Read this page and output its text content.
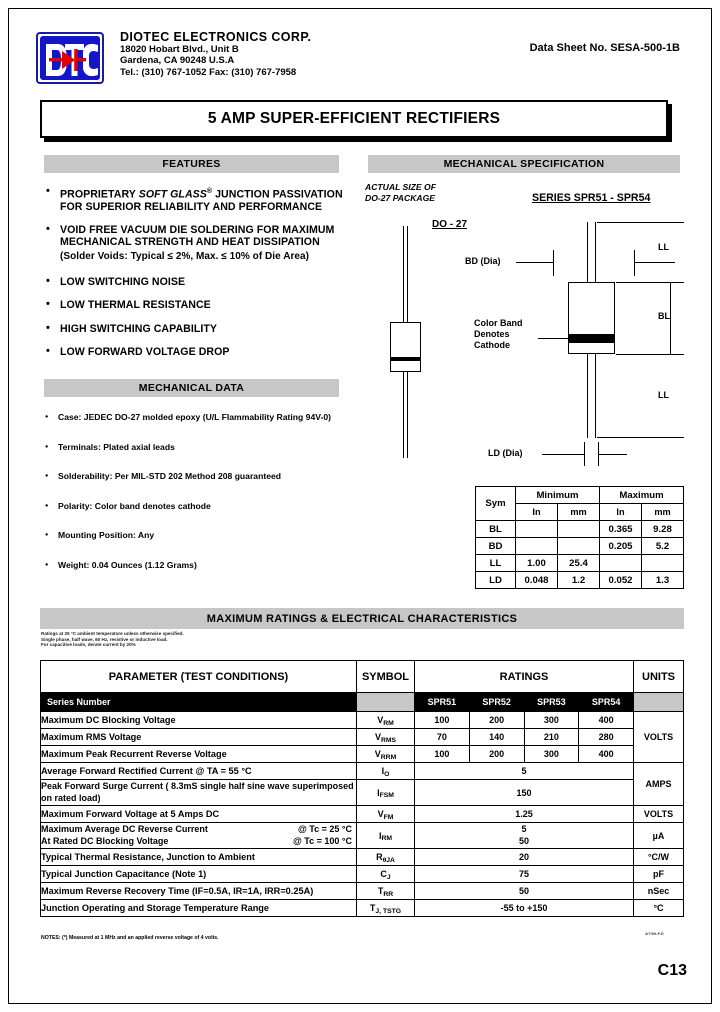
DIOTEC ELECTRONICS CORP.
18020 Hobart Blvd., Unit B
Gardena, CA 90248 U.S.A
Tel.: (310) 767-1052 Fax: (310) 767-7958
Data Sheet No. SESA-500-1B
5 AMP SUPER-EFFICIENT RECTIFIERS
FEATURES	MECHANICAL SPECIFICATION
MECHANICAL DATA
MAXIMUM RATINGS & ELECTRICAL CHARACTERISTICS
• PROPRIETARY SOFT GLASS® JUNCTION PASSIVATION FOR SUPERIOR RELIABILITY AND PERFORMANCE
• VOID FREE VACUUM DIE SOLDERING FOR MAXIMUM MECHANICAL STRENGTH AND HEAT DISSIPATION
(Solder Voids: Typical ≤ 2%, Max. ≤ 10% of Die Area)
• LOW SWITCHING NOISE
• LOW THERMAL RESISTANCE
• HIGH SWITCHING CAPABILITY
• LOW FORWARD VOLTAGE DROP
● Case: JEDEC DO-27 molded epoxy (U/L Flammability Rating 94V-0)
● Terminals: Plated axial leads
● Solderability: Per MIL-STD 202 Method 208 guaranteed
● Polarity: Color band denotes cathode
● Mounting Position: Any
● Weight: 0.04 Ounces (1.12 Grams)
ACTUAL SIZE OF
DO-27 PACKAGE	SERIES SPR51 - SPR54
DO - 27
LL
BL
LL
BD (Dia)
LD (Dia)
Color Band
Denotes
Cathode
Sym	Minimum		Maximum	
	In	mm	In	mm
BL			0.365	9.28
BD			0.205	5.2
LL	1.00	25.4		
LD	0.048	1.2	0.052	1.3
Ratings at 25 °C ambient temperature unless otherwise specified.
Single phase, half wave, 60 Hz, resistive or inductive load.
For capacitive loads, derate current by 20%
PARAMETER (TEST CONDITIONS)	SYMBOL	RATINGS				UNITS
Series Number		SPR51	SPR52	SPR53	SPR54	
Maximum DC Blocking Voltage	VRM	100	200	300	400	VOLTS
Maximum RMS Voltage	VRMS	70	140	210	280	
Maximum Peak Recurrent Reverse Voltage	VRRM	100	200	300	400	
Average Forward Rectified Current @ TA = 55 °C	IO	5				AMPS
Peak Forward Surge Current ( 8.3mS single half sine wave superimposed on rated load)	IFSM	150				
Maximum Forward Voltage at 5 Amps DC	VFM	1.25				VOLTS
Maximum Average DC Reverse Current @ Tc = 25 °C

At Rated DC Blocking Voltage @ Tc = 100 °C	IRM	5
50				µA
Typical Thermal Resistance, Junction to Ambient	RθJA	20				°C/W
Typical Junction Capacitance (Note 1)	CJ	75				pF
Maximum Reverse Recovery Time (IF=0.5A, IR=1A, IRR=0.25A)	TRR	50				nSec
Junction Operating and Storage Temperature Range	TJ, TSTG	-55 to +150				°C
NOTES: (*) Measured at 1 MHz and an applied reverse voltage of 4 volts.
4/7/99-P.D
C13
